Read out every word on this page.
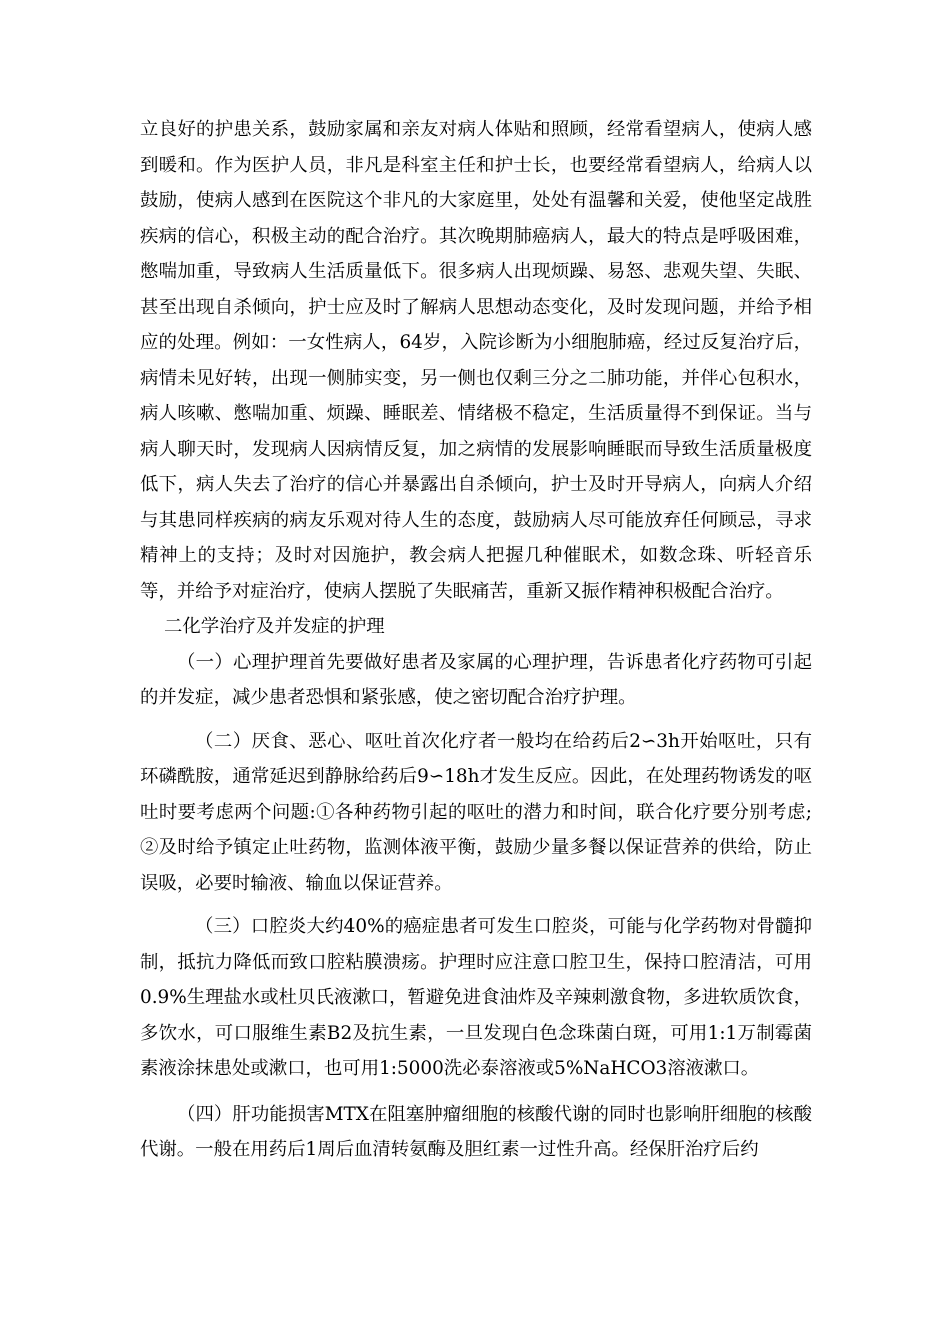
立良好的护患关系，鼓励家属和亲友对病人体贴和照顾，经常看望病人，使病人感到暖和。作为医护人员，非凡是科室主任和护士长，也要经常看望病人，给病人以鼓励，使病人感到在医院这个非凡的大家庭里，处处有温馨和关爱，使他坚定战胜疾病的信心，积极主动的配合治疗。其次晚期肺癌病人，最大的特点是呼吸困难，憋喘加重，导致病人生活质量低下。很多病人出现烦躁、易怒、悲观失望、失眠、甚至出现自杀倾向，护士应及时了解病人思想动态变化，及时发现问题，并给予相应的处理。例如：一女性病人，64岁，入院诊断为小细胞肺癌，经过反复治疗后，病情未见好转，出现一侧肺实变，另一侧也仅剩三分之二肺功能，并伴心包积水，病人咳嗽、憋喘加重、烦躁、睡眠差、情绪极不稳定，生活质量得不到保证。当与病人聊天时，发现病人因病情反复，加之病情的发展影响睡眠而导致生活质量极度低下，病人失去了治疗的信心并暴露出自杀倾向，护士及时开导病人，向病人介绍与其患同样疾病的病友乐观对待人生的态度，鼓励病人尽可能放弃任何顾忌，寻求精神上的支持；及时对因施护，教会病人把握几种催眠术，如数念珠、听轻音乐等，并给予对症治疗，使病人摆脱了失眠痛苦，重新又振作精神积极配合治疗。

二化学治疗及并发症的护理

（一）心理护理首先要做好患者及家属的心理护理，告诉患者化疗药物可引起的并发症，减少患者恐惧和紧张感，使之密切配合治疗护理。

（二）厌食、恶心、呕吐首次化疗者一般均在给药后2∽3h开始呕吐，只有环磷酰胺，通常延迟到静脉给药后9∽18h才发生反应。因此，在处理药物诱发的呕吐时要考虑两个问题:①各种药物引起的呕吐的潜力和时间，联合化疗要分别考虑;②及时给予镇定止吐药物，监测体液平衡，鼓励少量多餐以保证营养的供给，防止误吸，必要时输液、输血以保证营养。

（三）口腔炎大约40%的癌症患者可发生口腔炎，可能与化学药物对骨髓抑制，抵抗力降低而致口腔粘膜溃疡。护理时应注意口腔卫生，保持口腔清洁，可用0.9%生理盐水或杜贝氏液漱口，暂避免进食油炸及辛辣刺激食物，多进软质饮食，多饮水，可口服维生素B2及抗生素，一旦发现白色念珠菌白斑，可用1:1万制霉菌素液涂抹患处或漱口，也可用1:5000洗必泰溶液或5%NaHCO3溶液漱口。

（四）肝功能损害MTX在阻塞肿瘤细胞的核酸代谢的同时也影响肝细胞的核酸代谢。一般在用药后1周后血清转氨酶及胆红素一过性升高。经保肝治疗后约
